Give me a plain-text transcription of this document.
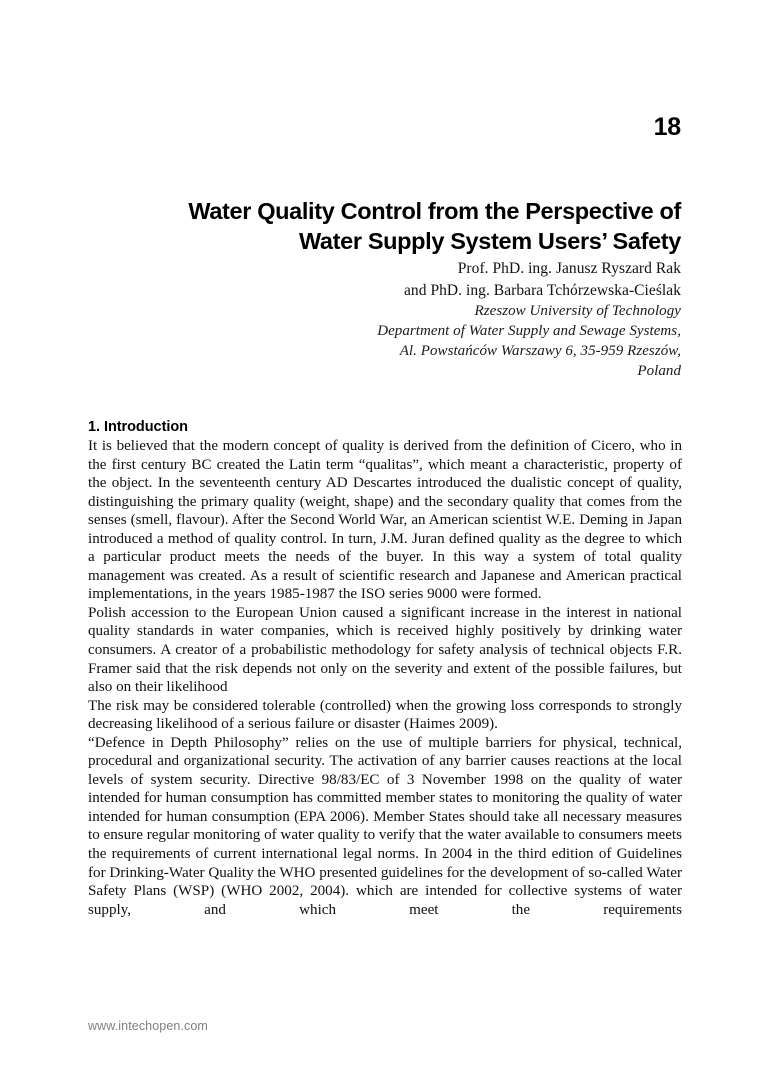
18
Water Quality Control from the Perspective of
Water Supply System Users’ Safety
Prof. PhD. ing. Janusz Ryszard Rak
and PhD. ing. Barbara Tchórzewska-Cieślak
Rzeszow University of Technology
Department of Water Supply and Sewage Systems,
Al. Powstańców Warszawy 6, 35-959 Rzeszów,
Poland
1. Introduction

It is believed that the modern concept of quality is derived from the definition of Cicero, who in the first century BC created the Latin term “qualitas”, which meant a characteristic, property of the object. In the seventeenth century AD Descartes introduced the dualistic concept of quality, distinguishing the primary quality (weight, shape) and the secondary quality that comes from the senses (smell, flavour). After the Second World War, an American scientist W.E. Deming in Japan introduced a method of quality control. In turn, J.M. Juran defined quality as the degree to which a particular product meets the needs of the buyer. In this way a system of total quality management was created. As a result of scientific research and Japanese and American practical implementations, in the years 1985-1987 the ISO series 9000 were formed.

Polish accession to the European Union caused a significant increase in the interest in national quality standards in water companies, which is received highly positively by drinking water consumers. A creator of a probabilistic methodology for safety analysis of technical objects F.R. Framer said that the risk depends not only on the severity and extent of the possible failures, but also on their likelihood

The risk may be considered tolerable (controlled) when the growing loss corresponds to strongly decreasing likelihood of a serious failure or disaster (Haimes 2009).

“Defence in Depth Philosophy” relies on the use of multiple barriers for physical, technical, procedural and organizational security. The activation of any barrier causes reactions at the local levels of system security. Directive 98/83/EC of 3 November 1998 on the quality of water intended for human consumption has committed member states to monitoring the quality of water intended for human consumption (EPA 2006). Member States should take all necessary measures to ensure regular monitoring of water quality to verify that the water available to consumers meets the requirements of current international legal norms. In 2004 in the third edition of Guidelines for Drinking-Water Quality the WHO presented guidelines for the development of so-called Water Safety Plans (WSP) (WHO 2002, 2004). which are intended for collective systems of water supply, and which meet the requirements

www.intechopen.com
